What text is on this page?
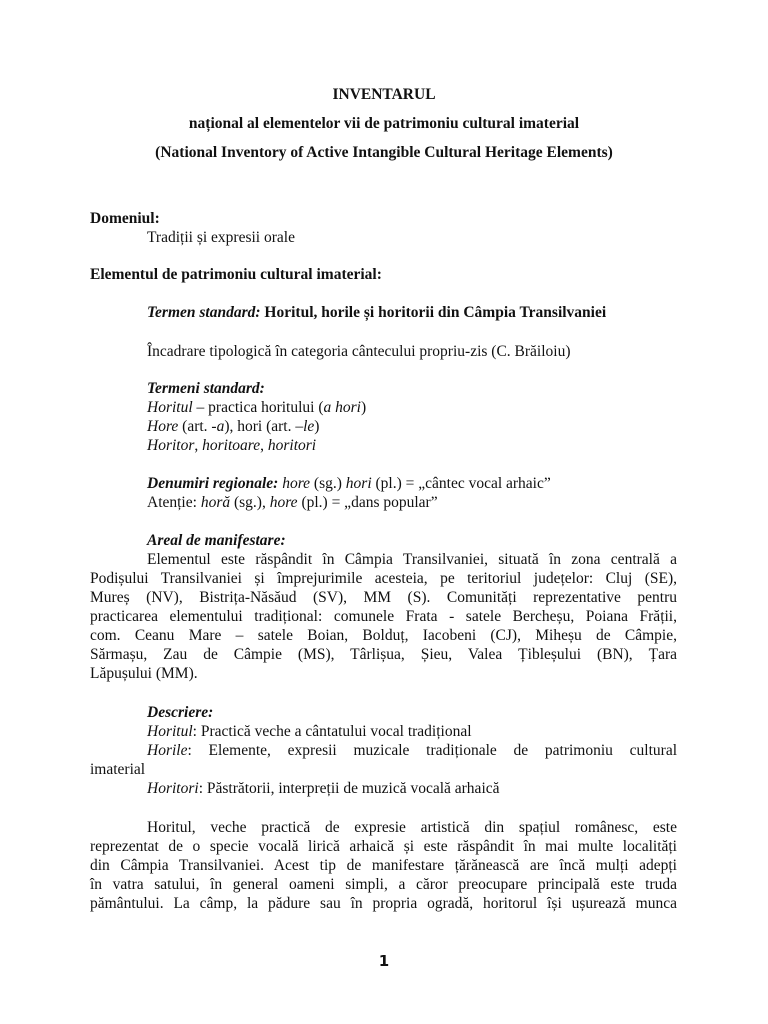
INVENTARUL
național al elementelor vii de patrimoniu cultural imaterial
(National Inventory of Active Intangible Cultural Heritage Elements)
Domeniul:
Tradiții și expresii orale
Elementul de patrimoniu cultural imaterial:
Termen standard: Horitul, horile și horitorii din Câmpia Transilvaniei
Încadrare tipologică în categoria cântecului propriu-zis (C. Brăiloiu)
Termeni standard:
Horitul – practica horitului (a hori)
Hore (art. -a), hori (art. –le)
Horitor, horitoare, horitori
Denumiri regionale: hore (sg.) hori (pl.) = „cântec vocal arhaic”
Atenție: horă (sg.), hore (pl.) = „dans popular”
Areal de manifestare:
Elementul este răspândit în Câmpia Transilvaniei, situată în zona centrală a
Podișului Transilvaniei și împrejurimile acesteia, pe teritoriul județelor: Cluj (SE),
Mureș (NV), Bistrița-Năsăud (SV), MM (S). Comunități reprezentative pentru
practicarea elementului tradițional: comunele Frata - satele Bercheșu, Poiana Frății,
com. Ceanu Mare – satele Boian, Bolduț, Iacobeni (CJ), Miheșu de Câmpie,
Sărmașu, Zau de Câmpie (MS), Târlișua, Șieu, Valea Țibleșului (BN), Țara
Lăpușului (MM).
Descriere:
Horitul: Practică veche a cântatului vocal tradițional
Horile: Elemente, expresii muzicale tradiționale de patrimoniu cultural
imaterial
Horitori: Păstrătorii, interpreții de muzică vocală arhaică
Horitul, veche practică de expresie artistică din spațiul românesc, este
reprezentat de o specie vocală lirică arhaică și este răspândit în mai multe localități
din Câmpia Transilvaniei. Acest tip de manifestare țărănească are încă mulți adepți
în vatra satului, în general oameni simpli, a căror preocupare principală este truda
pământului. La câmp, la pădure sau în propria ogradă, horitorul își ușurează munca
1
